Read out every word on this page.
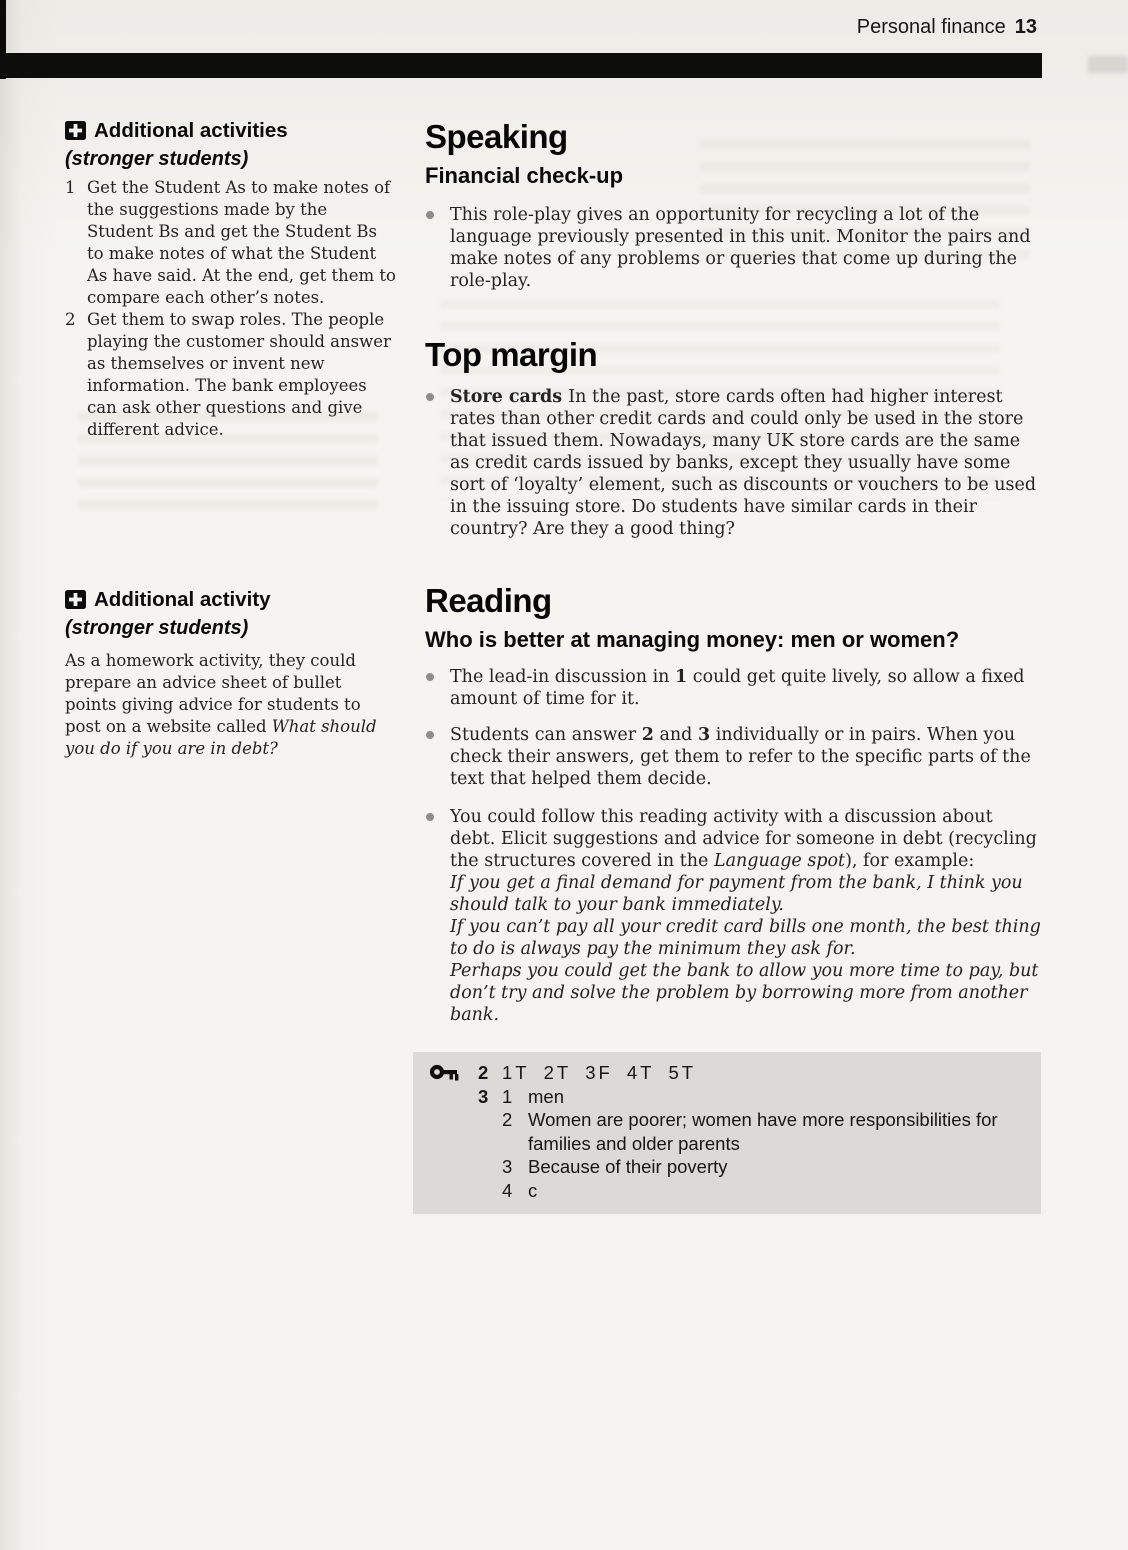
Personal finance 13
Additional activities
(stronger students)
1 Get the Student As to make notes of the suggestions made by the Student Bs and get the Student Bs to make notes of what the Student As have said. At the end, get them to compare each other’s notes.
2 Get them to swap roles. The people playing the customer should answer as themselves or invent new information. The bank employees can ask other questions and give different advice.
Additional activity
(stronger students)
As a homework activity, they could prepare an advice sheet of bullet points giving advice for students to post on a website called What should you do if you are in debt?
Speaking
Financial check-up
This role-play gives an opportunity for recycling a lot of the language previously presented in this unit. Monitor the pairs and make notes of any problems or queries that come up during the role-play.
Top margin
Store cards In the past, store cards often had higher interest rates than other credit cards and could only be used in the store that issued them. Nowadays, many UK store cards are the same as credit cards issued by banks, except they usually have some sort of ‘loyalty’ element, such as discounts or vouchers to be used in the issuing store. Do students have similar cards in their country? Are they a good thing?
Reading
Who is better at managing money: men or women?
The lead-in discussion in 1 could get quite lively, so allow a fixed amount of time for it.
Students can answer 2 and 3 individually or in pairs. When you check their answers, get them to refer to the specific parts of the text that helped them decide.
You could follow this reading activity with a discussion about debt. Elicit suggestions and advice for someone in debt (recycling the structures covered in the Language spot), for example:
If you get a final demand for payment from the bank, I think you should talk to your bank immediately.
If you can’t pay all your credit card bills one month, the best thing to do is always pay the minimum they ask for.
Perhaps you could get the bank to allow you more time to pay, but don’t try and solve the problem by borrowing more from another bank.
2 1 T 2 T 3 F 4 T 5 T
3 1 men
2 Women are poorer; women have more responsibilities for families and older parents
3 Because of their poverty
4 c
